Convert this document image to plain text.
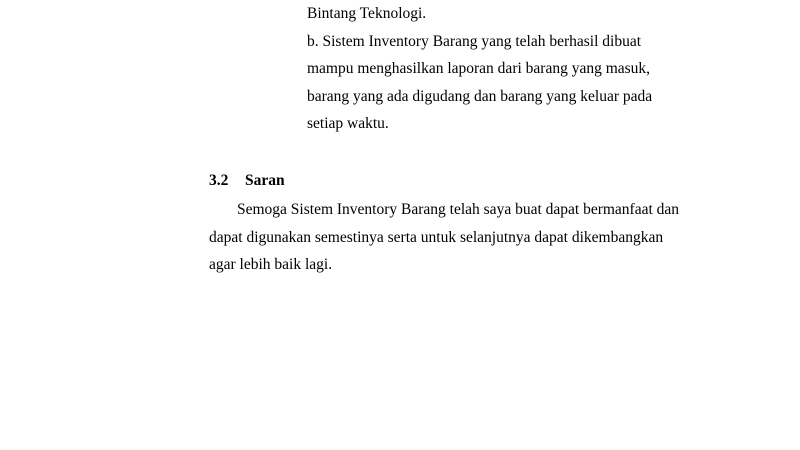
Bintang Teknologi.

b. Sistem Inventory Barang yang telah berhasil dibuat

mampu menghasilkan laporan dari barang yang masuk,

barang yang ada digudang dan barang yang keluar pada

setiap waktu.

3.2 Saran
Semoga Sistem Inventory Barang telah saya buat dapat bermanfaat dan
dapat digunakan semestinya serta untuk selanjutnya dapat dikembangkan
agar lebih baik lagi.
